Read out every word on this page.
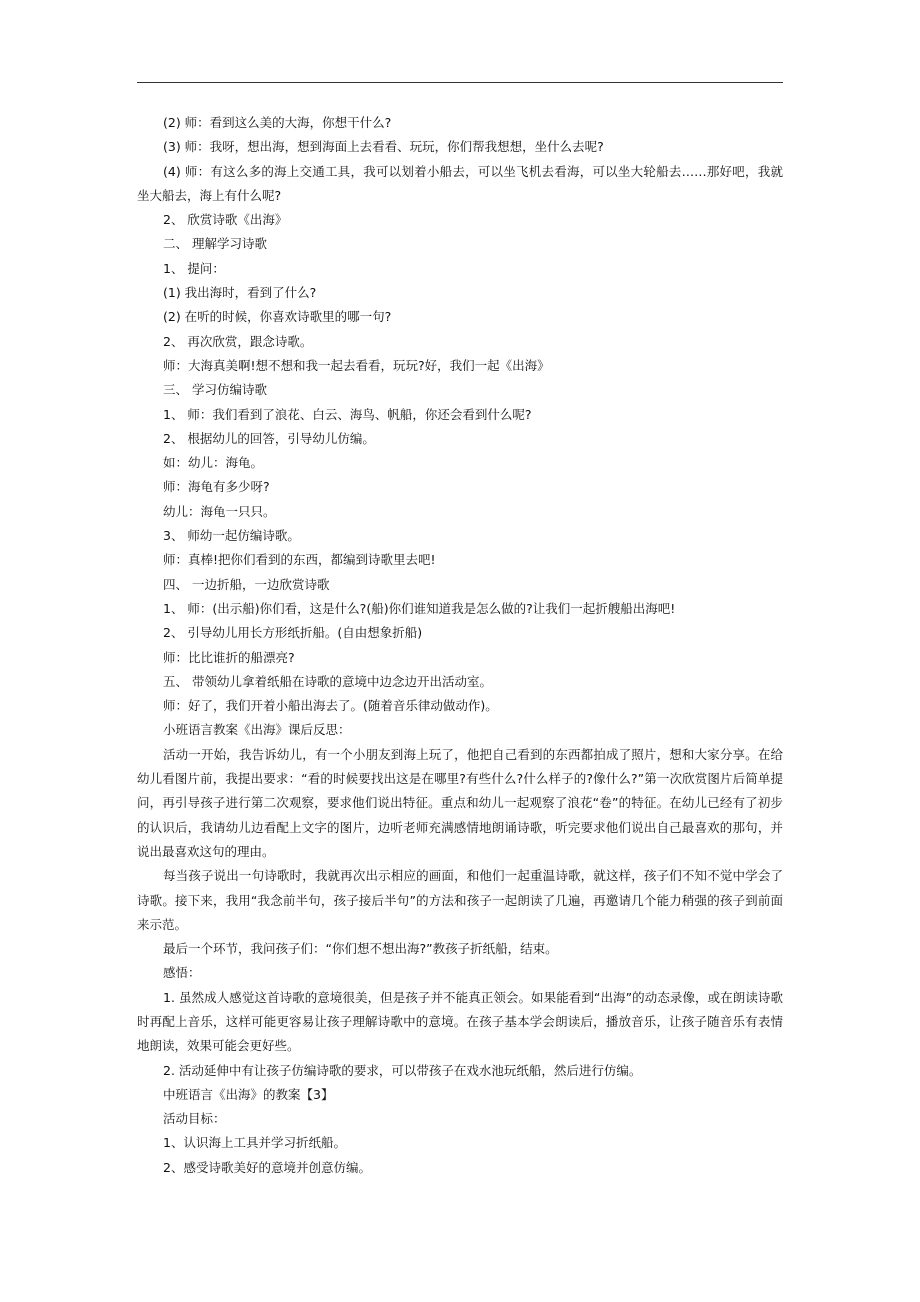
(2) 师：看到这么美的大海，你想干什么?

(3) 师：我呀，想出海，想到海面上去看看、玩玩，你们帮我想想，坐什么去呢?

(4) 师：有这么多的海上交通工具，我可以划着小船去，可以坐飞机去看海，可以坐大轮船去……那好吧，我就坐大船去，海上有什么呢?

2、 欣赏诗歌《出海》

二、 理解学习诗歌

1、 提问：

(1) 我出海时，看到了什么?

(2) 在听的时候，你喜欢诗歌里的哪一句?

2、 再次欣赏，跟念诗歌。

师：大海真美啊!想不想和我一起去看看，玩玩?好，我们一起《出海》

三、 学习仿编诗歌

1、 师：我们看到了浪花、白云、海鸟、帆船，你还会看到什么呢?

2、 根据幼儿的回答，引导幼儿仿编。

如：幼儿：海龟。

师：海龟有多少呀?

幼儿：海龟一只只。

3、 师幼一起仿编诗歌。

师：真棒!把你们看到的东西，都编到诗歌里去吧!

四、 一边折船，一边欣赏诗歌

1、 师：(出示船)你们看，这是什么?(船)你们谁知道我是怎么做的?让我们一起折艘船出海吧!

2、 引导幼儿用长方形纸折船。(自由想象折船)

师：比比谁折的船漂亮?

五、 带领幼儿拿着纸船在诗歌的意境中边念边开出活动室。

师：好了，我们开着小船出海去了。(随着音乐律动做动作)。

小班语言教案《出海》课后反思：

活动一开始，我告诉幼儿，有一个小朋友到海上玩了，他把自己看到的东西都拍成了照片，想和大家分享。在给幼儿看图片前，我提出要求：“看的时候要找出这是在哪里?有些什么?什么样子的?像什么?”第一次欣赏图片后简单提问，再引导孩子进行第二次观察，要求他们说出特征。重点和幼儿一起观察了浪花“卷”的特征。在幼儿已经有了初步的认识后，我请幼儿边看配上文字的图片，边听老师充满感情地朗诵诗歌，听完要求他们说出自己最喜欢的那句，并说出最喜欢这句的理由。

每当孩子说出一句诗歌时，我就再次出示相应的画面，和他们一起重温诗歌，就这样，孩子们不知不觉中学会了诗歌。接下来，我用“我念前半句，孩子接后半句”的方法和孩子一起朗读了几遍，再邀请几个能力稍强的孩子到前面来示范。

最后一个环节，我问孩子们：“你们想不想出海?”教孩子折纸船，结束。

感悟：

1. 虽然成人感觉这首诗歌的意境很美，但是孩子并不能真正领会。如果能看到“出海”的动态录像，或在朗读诗歌时再配上音乐，这样可能更容易让孩子理解诗歌中的意境。在孩子基本学会朗读后，播放音乐，让孩子随音乐有表情地朗读，效果可能会更好些。

2. 活动延伸中有让孩子仿编诗歌的要求，可以带孩子在戏水池玩纸船，然后进行仿编。

中班语言《出海》的教案【3】

活动目标：

1、认识海上工具并学习折纸船。

2、感受诗歌美好的意境并创意仿编。
